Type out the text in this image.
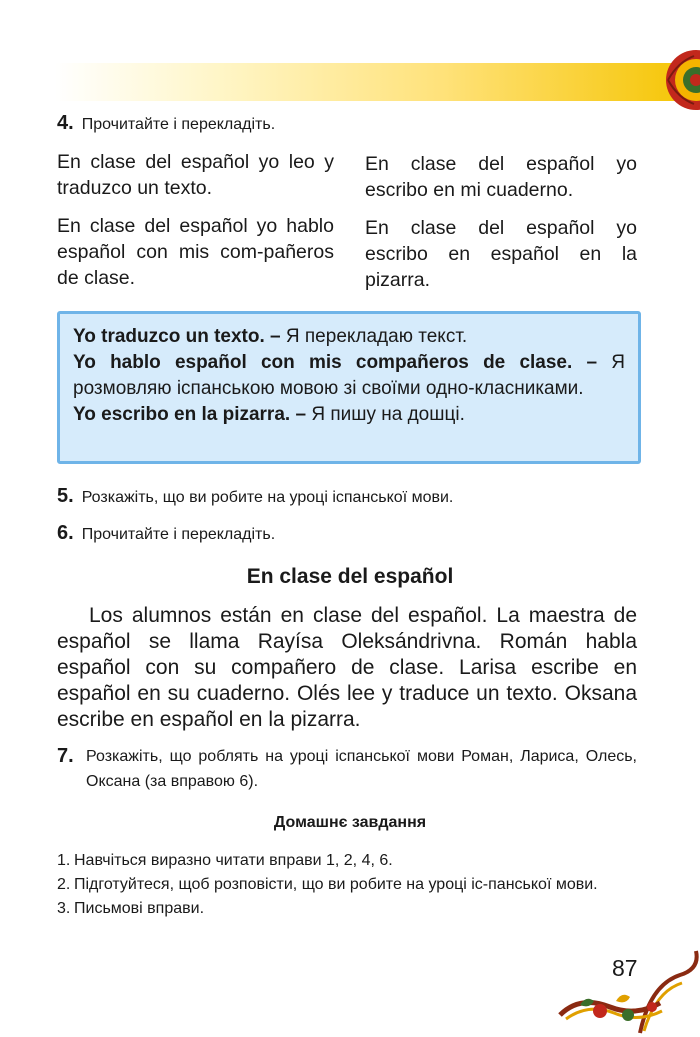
4. Прочитайте і перекладіть.

En clase del español yo leo y traduzco un texto.

En clase del español yo hablo español con mis com-pañeros de clase.

En clase del español yo escribo en mi cuaderno.

En clase del español yo escribo en español en la pizarra.

Yo traduzco un texto. – Я перекладаю текст.
Yo hablo español con mis compañeros de clase. – Я розмовляю іспанською мовою зі своїми одно-класниками.
Yo escribo en la pizarra. – Я пишу на дошці.
5. Розкажіть, що ви робите на уроці іспанської мови.
6. Прочитайте і перекладіть.
En clase del español

Los alumnos están en clase del español. La maestra de español se llama Rayísa Oleksándrivna. Román habla español con su compañero de clase. Larisa escribe en español en su cuaderno. Olés lee y traduce un texto. Oksana escribe en español en la pizarra.

7. Розкажіть, що роблять на уроці іспанської мови Роман, Лариса, Олесь, Оксана (за вправою 6).
Домашнє завдання
1. Навчіться виразно читати вправи 1, 2, 4, 6.
2. Підготуйтеся, щоб розповісти, що ви робите на уроці іс-панської мови.
3. Письмові вправи.
87
